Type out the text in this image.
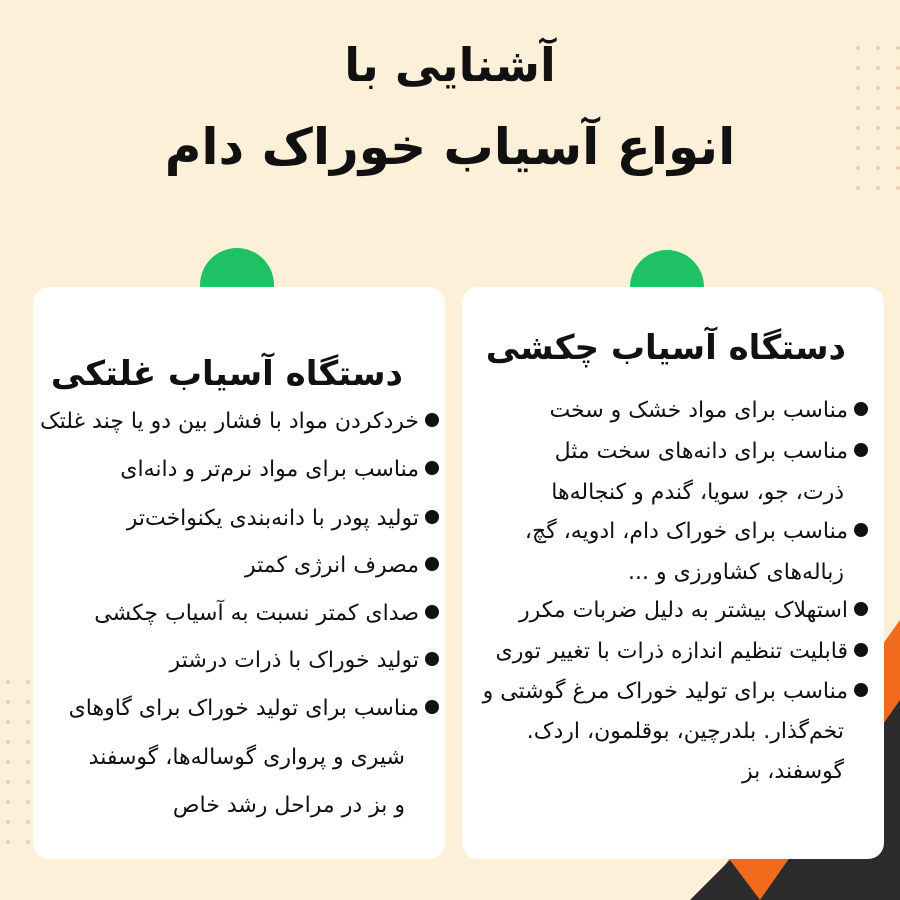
آشنایی با
انواع آسیاب خوراک دام
دستگاه آسیاب غلتکی
خردکردن مواد با فشار بین دو یا چند غلتک
مناسب برای مواد نرم‌تر و دانه‌ای
تولید پودر با دانه‌بندی یکنواخت‌تر
مصرف انرژی کمتر
صدای کمتر نسبت به آسیاب چکشی
تولید خوراک با ذرات درشتر
مناسب برای تولید خوراک برای گاوهای
شیری و پرواری گوساله‌ها، گوسفند
و بز در مراحل رشد خاص
دستگاه آسیاب چکشی
مناسب برای مواد خشک و سخت
مناسب برای دانه‌های سخت مثل
مناسب برای خوراک دام، ادویه، گچ،
استهلاک بیشتر به دلیل ضربات مکرر
قابلیت تنظیم اندازه ذرات با تغییر توری
مناسب برای تولید خوراک مرغ گوشتی و
ذرت، جو، سویا، گندم و کنجاله‌ها
زباله‌های کشاورزی و ...
تخم‌گذار. بلدرچین، بوقلمون، اردک.
گوسفند، بز
